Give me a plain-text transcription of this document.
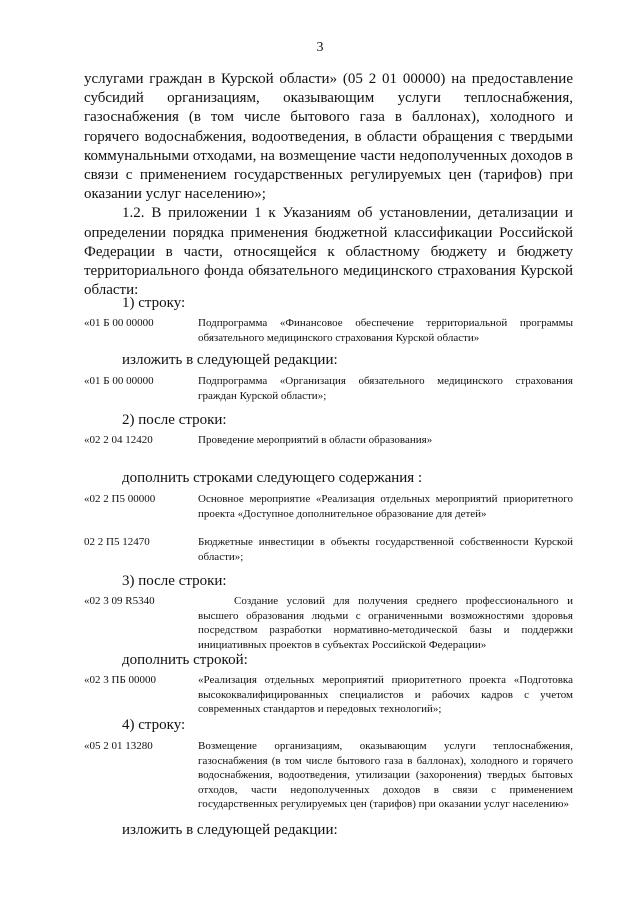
3

услугами граждан в Курской области» (05 2 01 00000) на предоставление субсидий организациям, оказывающим услуги теплоснабжения, газоснабжения (в том числе бытового газа в баллонах), холодного и горячего водоснабжения, водоотведения, в области обращения с твердыми коммунальными отходами, на возмещение части недополученных доходов в связи с применением государственных регулируемых цен (тарифов) при оказании услуг населению»;

1.2. В приложении 1 к Указаниям об установлении, детализации и определении порядка применения бюджетной классификации Российской Федерации в части, относящейся к областному бюджету и бюджету территориального фонда обязательного медицинского страхования Курской области:

1) строку:
«01 Б 00 00000	Подпрограмма «Финансовое обеспечение территориальной программы обязательного медицинского страхования Курской области»
изложить в следующей редакции:
«01 Б 00 00000	Подпрограмма «Организация обязательного медицинского страхования граждан Курской области»;
2) после строки:
«02 2 04 12420	Проведение мероприятий в области образования»
дополнить строками следующего содержания :
«02 2 П5 00000	Основное мероприятие «Реализация отдельных мероприятий приоритетного проекта «Доступное дополнительное образование для детей»
02 2 П5 12470	Бюджетные инвестиции в объекты государственной собственности Курской области»;
3) после строки:
«02 3 09 R5340	Создание условий для получения среднего профессионального и высшего образования людьми с ограниченными возможностями здоровья посредством разработки нормативно-методической базы и поддержки инициативных проектов в субъектах Российской Федерации»
дополнить строкой:
«02 3 ПБ 00000	«Реализация отдельных мероприятий приоритетного проекта «Подготовка высококвалифицированных специалистов и рабочих кадров с учетом современных стандартов и передовых технологий»;
4) строку:
«05 2 01 13280	Возмещение организациям, оказывающим услуги теплоснабжения, газоснабжения (в том числе бытового газа в баллонах), холодного и горячего водоснабжения, водоотведения, утилизации (захоронения) твердых бытовых отходов, части недополученных доходов в связи с применением государственных регулируемых цен (тарифов) при оказании услуг населению»
изложить в следующей редакции:
